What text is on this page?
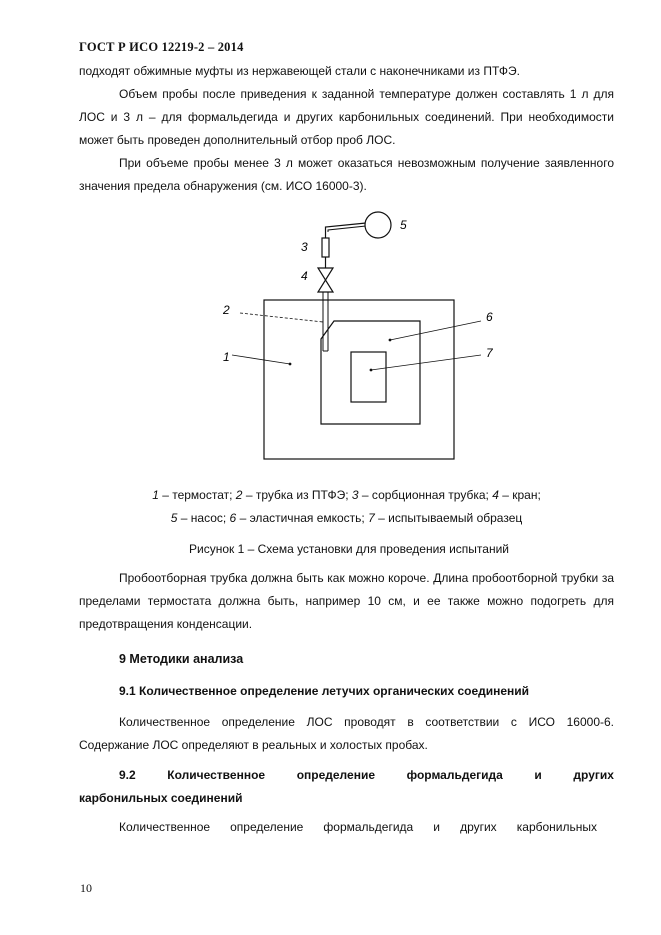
ГОСТ Р ИСО 12219-2 – 2014
подходят обжимные муфты из нержавеющей стали с наконечниками из ПТФЭ.
Объем пробы после приведения к заданной температуре должен составлять 1 л для ЛОС и 3 л – для формальдегида и других карбонильных соединений. При необходимости может быть проведен дополнительный отбор проб ЛОС.
При объеме пробы менее 3 л может оказаться невозможным получение заявленного значения предела обнаружения (см. ИСО 16000-3).
5
3
4
2
1
6
7
1 – термостат; 2 – трубка из ПТФЭ; 3 – сорбционная трубка; 4 – кран;
5 – насос; 6 – эластичная емкость; 7 – испытываемый образец
Рисунок 1 – Схема установки для проведения испытаний
Пробоотборная трубка должна быть как можно короче. Длина пробоотборной трубки за пределами термостата должна быть, например 10 см, и ее также можно подогреть для предотвращения конденсации.
9 Методики анализа
9.1 Количественное определение летучих органических соединений
Количественное определение ЛОС проводят в соответствии с ИСО 16000-6. Содержание ЛОС определяют в реальных и холостых пробах.
9.2	Количественное	определение	формальдегида	и	других
карбонильных соединений
Количественное определение формальдегида и других карбонильных
10
